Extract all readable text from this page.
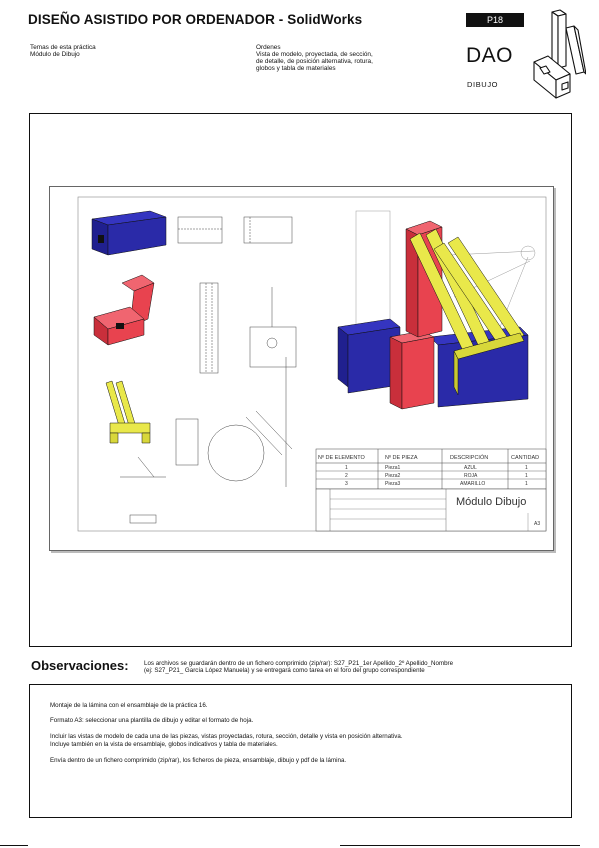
DISEÑO ASISTIDO POR ORDENADOR - SolidWorks	P18
Temas de esta práctica
Módulo de Dibujo
Ordenes
Vista de modelo, proyectada, de sección,
de detalle, de posición alternativa, rotura,
globos y tabla de materiales
DAO
DIBUJO
Nº DE ELEMENTO	Nº DE PIEZA	DESCRIPCIÓN	CANTIDAD
1	Pieza1	AZUL	1
2	Pieza2	ROJA	1
3	Pieza3	AMARILLO	1
Módulo Dibujo
A3
Observaciones: Los archivos se guardarán dentro de un fichero comprimido (zip/rar): S27_P21_1er Apellido_2º Apellido_Nombre
(ej: S27_P21_ García López Manuela) y se entregará como tarea en el foro del grupo correspondiente
Montaje de la lámina con el ensamblaje de la práctica 16.
Formato A3: seleccionar una plantilla de dibujo y editar el formato de hoja.
Incluir las vistas de modelo de cada una de las piezas, vistas proyectadas, rotura, sección, detalle y vista en posición alternativa.
Incluye también en la vista de ensamblaje, globos indicativos y tabla de materiales.
Envía dentro de un fichero comprimido (zip/rar), los ficheros de pieza, ensamblaje, dibujo y pdf de la lámina.
